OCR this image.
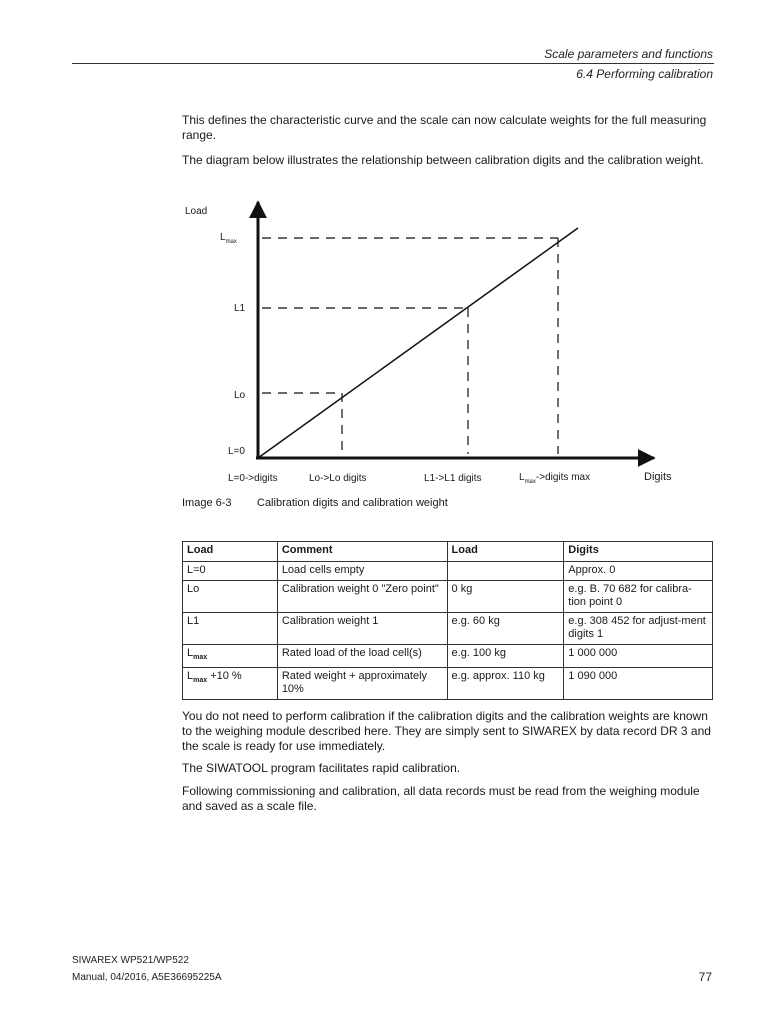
Scale parameters and functions
6.4 Performing calibration

This defines the characteristic curve and the scale can now calculate weights for the full measuring range.

The diagram below illustrates the relationship between calibration digits and the calibration weight.

Load
$L_{max}$
L1
Lo
L=0
L=0->digits	Lo->Lo digits	L1->L1 digits	$L_{max}->digits$ max	Digits
Image 6-3 Calibration digits and calibration weight
Load	Comment	Load	Digits
L=0	Load cells empty		Approx. 0
Lo	Calibration weight 0 "Zero point"	0 kg	e.g. B. 70 682 for calibra-tion point 0
L1	Calibration weight 1	e.g. 60 kg	e.g. 308 452 for adjust-ment digits 1
$L_{max}$	Rated load of the load cell(s)	e.g. 100 kg	1 000 000
$L_{max} +10$ %	Rated weight + approximately 10%	e.g. approx. 110 kg	1 090 000

You do not need to perform calibration if the calibration digits and the calibration weights are known to the weighing module described here. They are simply sent to SIWAREX by data record DR 3 and the scale is ready for use immediately.

The SIWATOOL program facilitates rapid calibration.

Following commissioning and calibration, all data records must be read from the weighing module and saved as a scale file.

SIWAREX WP521/WP522
Manual, 04/2016, A5E36695225A	77
